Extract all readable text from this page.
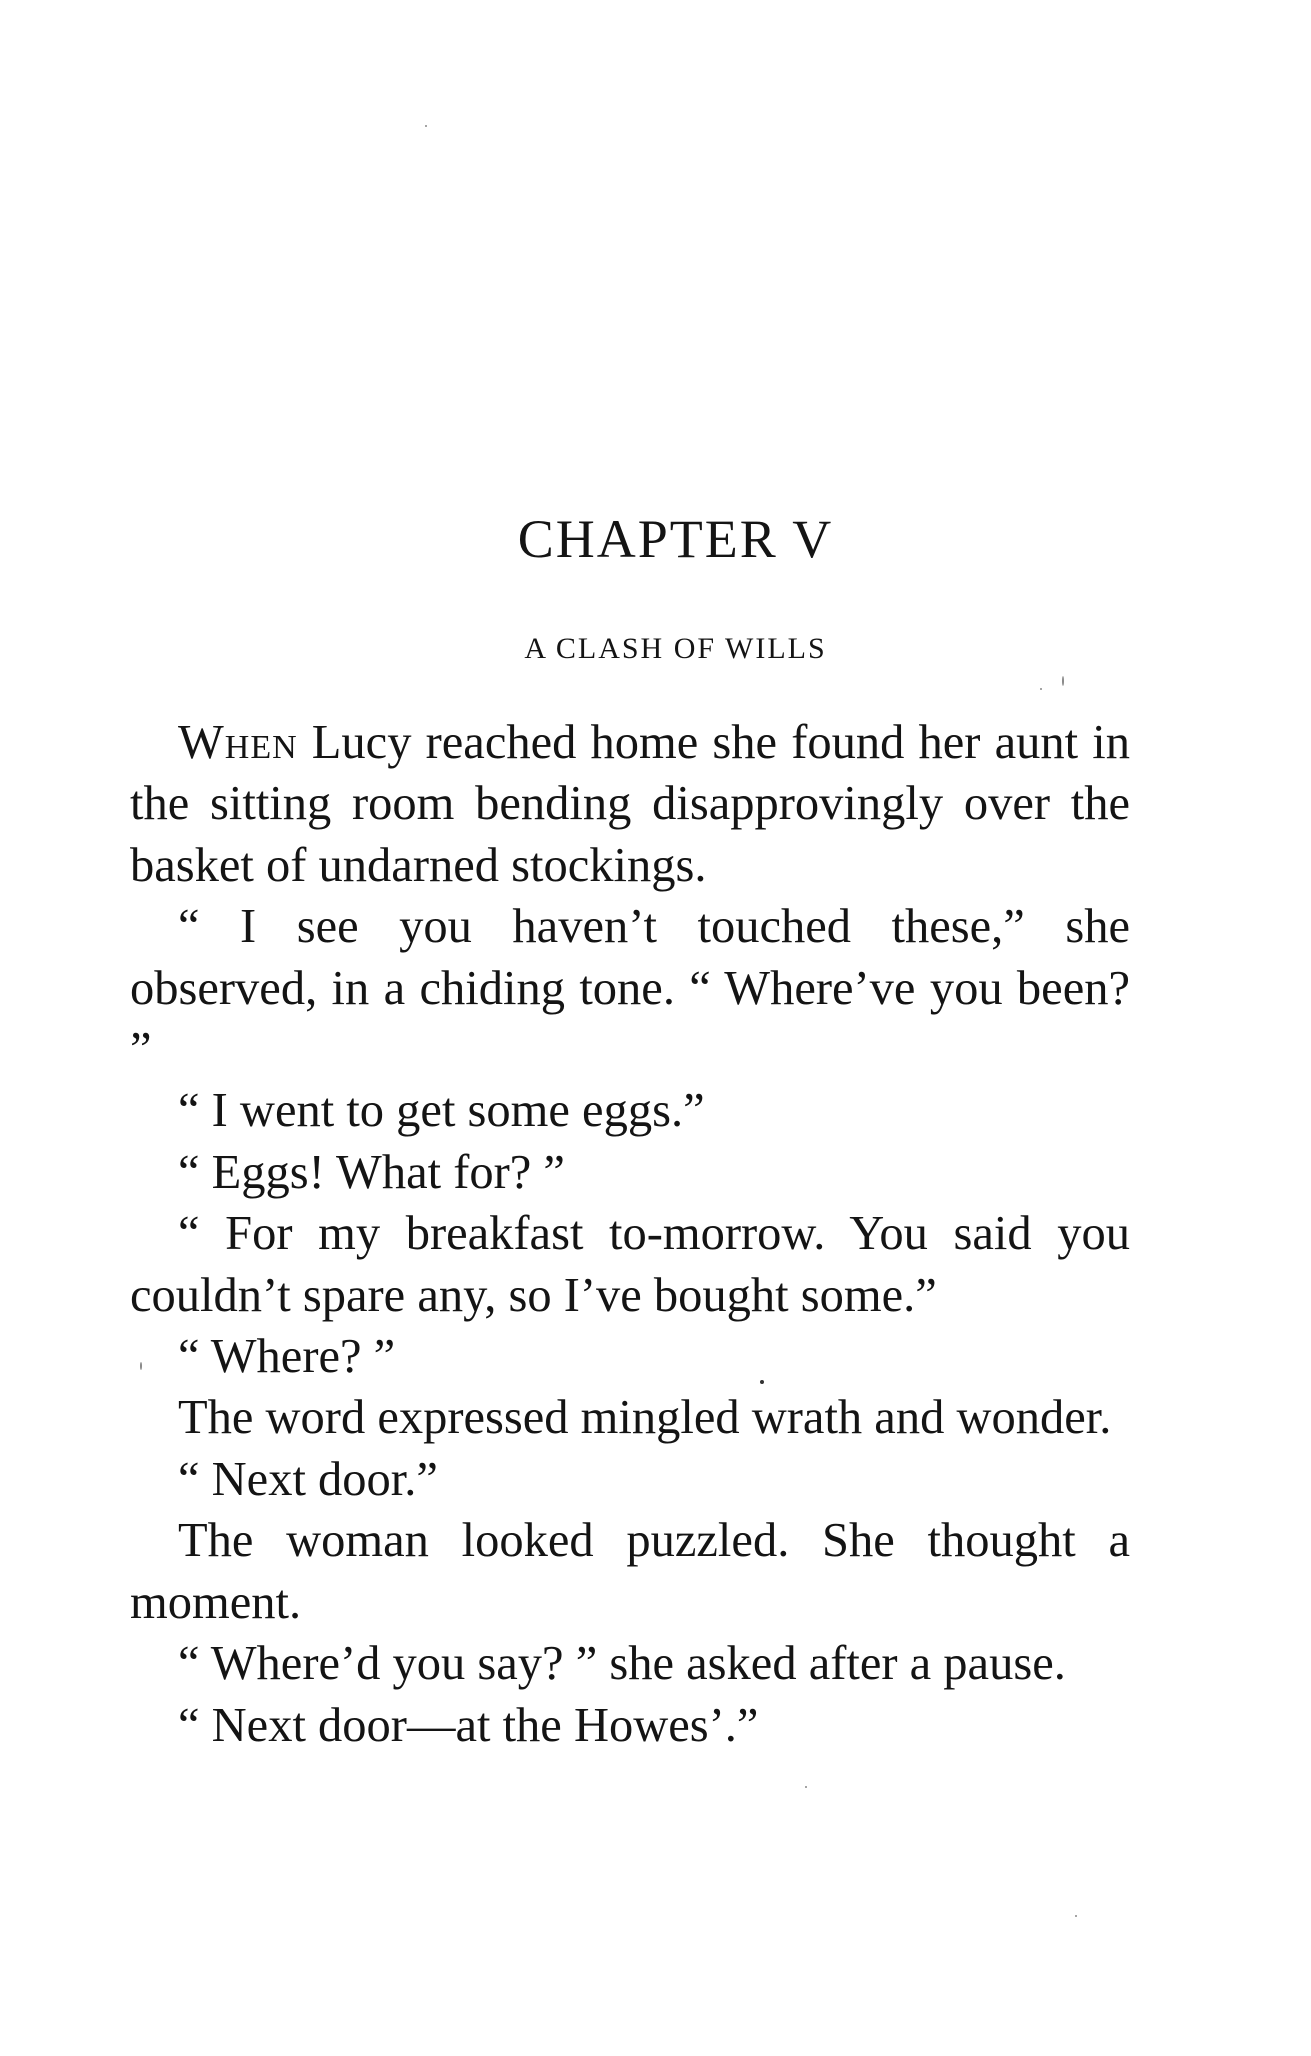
CHAPTER V
A CLASH OF WILLS

When Lucy reached home she found her aunt in the sitting room bending disapprovingly over the basket of undarned stockings.

“ I see you haven’t touched these,” she observed, in a chiding tone. “ Where’ve you been? ”

“ I went to get some eggs.”

“ Eggs! What for? ”

“ For my breakfast to-morrow. You said you couldn’t spare any, so I’ve bought some.”

“ Where? ”

The word expressed mingled wrath and wonder.

“ Next door.”

The woman looked puzzled. She thought a moment.

“ Where’d you say? ” she asked after a pause.

“ Next door—at the Howes’.”
